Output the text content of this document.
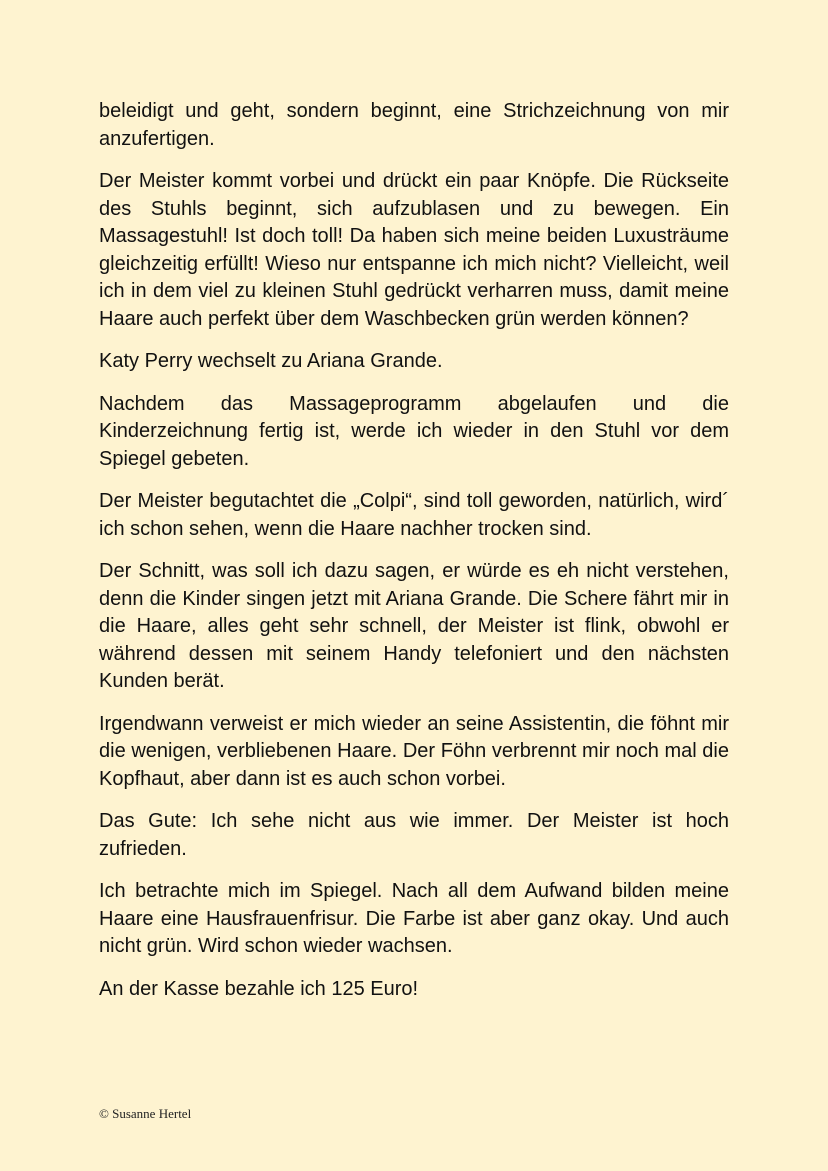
beleidigt und geht, sondern beginnt, eine Strichzeichnung von mir anzufertigen.

Der Meister kommt vorbei und drückt ein paar Knöpfe. Die Rückseite des Stuhls beginnt, sich aufzublasen und zu bewegen. Ein Massagestuhl! Ist doch toll! Da haben sich meine beiden Luxusträume gleichzeitig erfüllt! Wieso nur entspanne ich mich nicht? Vielleicht, weil ich in dem viel zu kleinen Stuhl gedrückt verharren muss, damit meine Haare auch perfekt über dem Waschbecken grün werden können?

Katy Perry wechselt zu Ariana Grande.

Nachdem das Massageprogramm abgelaufen und die Kinderzeichnung fertig ist, werde ich wieder in den Stuhl vor dem Spiegel gebeten.

Der Meister begutachtet die „Colpi“, sind toll geworden, natürlich, wird´ ich schon sehen, wenn die Haare nachher trocken sind.

Der Schnitt, was soll ich dazu sagen, er würde es eh nicht verstehen, denn die Kinder singen jetzt mit Ariana Grande. Die Schere fährt mir in die Haare, alles geht sehr schnell, der Meister ist flink, obwohl er während dessen mit seinem Handy telefoniert und den nächsten Kunden berät.

Irgendwann verweist er mich wieder an seine Assistentin, die föhnt mir die wenigen, verbliebenen Haare. Der Föhn verbrennt mir noch mal die Kopfhaut, aber dann ist es auch schon vorbei.

Das Gute: Ich sehe nicht aus wie immer. Der Meister ist hoch zufrieden.

Ich betrachte mich im Spiegel. Nach all dem Aufwand bilden meine Haare eine Hausfrauenfrisur. Die Farbe ist aber ganz okay. Und auch nicht grün. Wird schon wieder wachsen.

An der Kasse bezahle ich 125 Euro!

© Susanne Hertel
